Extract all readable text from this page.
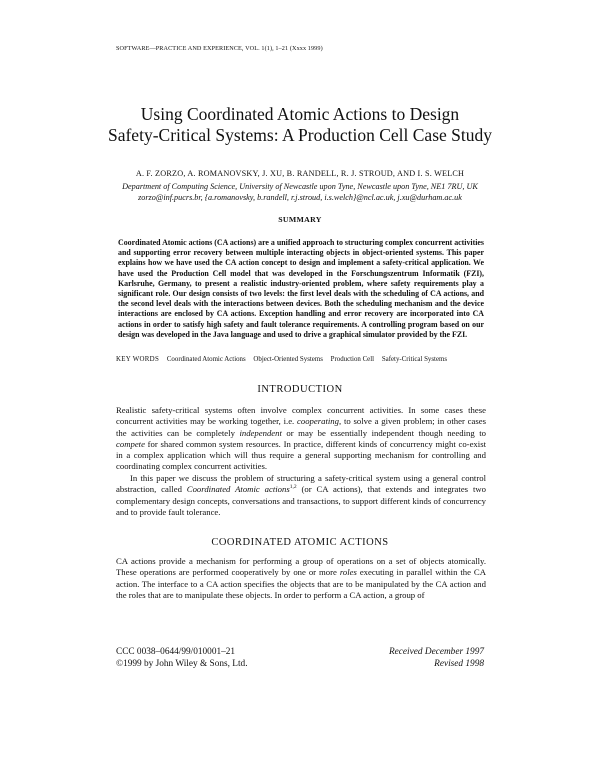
SOFTWARE—PRACTICE AND EXPERIENCE, VOL. 1(1), 1–21 (Xxxx 1999)
Using Coordinated Atomic Actions to Design
Safety-Critical Systems: A Production Cell Case Study
A. F. ZORZO, A. ROMANOVSKY, J. XU, B. RANDELL, R. J. STROUD, AND I. S. WELCH
Department of Computing Science, University of Newcastle upon Tyne, Newcastle upon Tyne, NE1 7RU, UK
zorzo@inf.pucrs.br, {a.romanovsky, b.randell, r.j.stroud, i.s.welch}@ncl.ac.uk, j.xu@durham.ac.uk
SUMMARY
Coordinated Atomic actions (CA actions) are a unified approach to structuring complex concurrent activities and supporting error recovery between multiple interacting objects in object-oriented systems. This paper explains how we have used the CA action concept to design and implement a safety-critical application. We have used the Production Cell model that was developed in the Forschungszentrum Informatik (FZI), Karlsruhe, Germany, to present a realistic industry-oriented problem, where safety requirements play a significant role. Our design consists of two levels: the first level deals with the scheduling of CA actions, and the second level deals with the interactions between devices. Both the scheduling mechanism and the device interactions are enclosed by CA actions. Exception handling and error recovery are incorporated into CA actions in order to satisfy high safety and fault tolerance requirements. A controlling program based on our design was developed in the Java language and used to drive a graphical simulator provided by the FZI.
KEY WORDS Coordinated Atomic Actions Object-Oriented Systems Production Cell Safety-Critical Systems
INTRODUCTION
Realistic safety-critical systems often involve complex concurrent activities. In some cases these concurrent activities may be working together, i.e. cooperating, to solve a given problem; in other cases the activities can be completely independent or may be essentially independent though needing to compete for shared common system resources. In practice, different kinds of concurrency might co-exist in a complex application which will thus require a general supporting mechanism for controlling and coordinating complex concurrent activities.
In this paper we discuss the problem of structuring a safety-critical system using a general control abstraction, called Coordinated Atomic actions$^{1,2}$ (or CA actions), that extends and integrates two complementary design concepts, conversations and transactions, to support different kinds of concurrency and to provide fault tolerance.
COORDINATED ATOMIC ACTIONS
CA actions provide a mechanism for performing a group of operations on a set of objects atomically. These operations are performed cooperatively by one or more roles executing in parallel within the CA action. The interface to a CA action specifies the objects that are to be manipulated by the CA action and the roles that are to manipulate these objects. In order to perform a CA action, a group of
CCC 0038–0644/99/010001–21
©1999 by John Wiley & Sons, Ltd.
Received December 1997
Revised 1998
